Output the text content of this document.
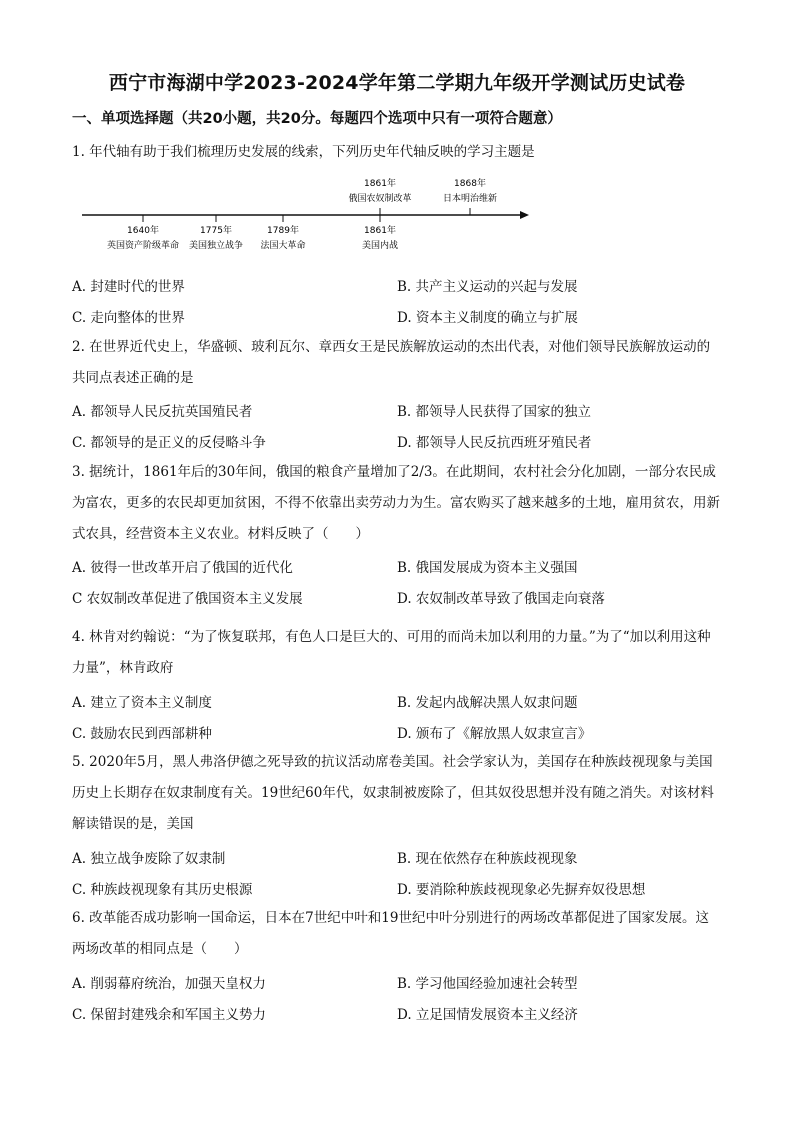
西宁市海湖中学2023-2024学年第二学期九年级开学测试历史试卷
一、单项选择题（共20小题，共20分。每题四个选项中只有一项符合题意）
1. 年代轴有助于我们梳理历史发展的线索，下列历史年代轴反映的学习主题是
1861年
俄国农奴制改革
1868年
日本明治维新
1640年
英国资产阶级革命
1775年
美国独立战争
1789年
法国大革命
1861年
美国内战
A. 封建时代的世界	B. 共产主义运动的兴起与发展
C. 走向整体的世界	D. 资本主义制度的确立与扩展
2. 在世界近代史上，华盛顿、玻利瓦尔、章西女王是民族解放运动的杰出代表，对他们领导民族解放运动的共同点表述正确的是
A. 都领导人民反抗英国殖民者	B. 都领导人民获得了国家的独立
C. 都领导的是正义的反侵略斗争	D. 都领导人民反抗西班牙殖民者
3. 据统计，1861年后的30年间，俄国的粮食产量增加了2/3。在此期间，农村社会分化加剧，一部分农民成为富农，更多的农民却更加贫困，不得不依靠出卖劳动力为生。富农购买了越来越多的土地，雇用贫农，用新式农具，经营资本主义农业。材料反映了（　　）
A. 彼得一世改革开启了俄国的近代化	B. 俄国发展成为资本主义强国
C 农奴制改革促进了俄国资本主义发展	D. 农奴制改革导致了俄国走向衰落
4. 林肯对约翰说：“为了恢复联邦，有色人口是巨大的、可用的而尚未加以利用的力量。”为了“加以利用这种力量”，林肯政府
A. 建立了资本主义制度	B. 发起内战解决黑人奴隶问题
C. 鼓励农民到西部耕种	D. 颁布了《解放黑人奴隶宣言》
5. 2020年5月，黑人弗洛伊德之死导致的抗议活动席卷美国。社会学家认为，美国存在种族歧视现象与美国历史上长期存在奴隶制度有关。19世纪60年代，奴隶制被废除了，但其奴役思想并没有随之消失。对该材料解读错误的是，美国
A. 独立战争废除了奴隶制	B. 现在依然存在种族歧视现象
C. 种族歧视现象有其历史根源	D. 要消除种族歧视现象必先摒弃奴役思想
6. 改革能否成功影响一国命运，日本在7世纪中叶和19世纪中叶分别进行的两场改革都促进了国家发展。这两场改革的相同点是（　　）
A. 削弱幕府统治，加强天皇权力	B. 学习他国经验加速社会转型
C. 保留封建残余和军国主义势力	D. 立足国情发展资本主义经济
